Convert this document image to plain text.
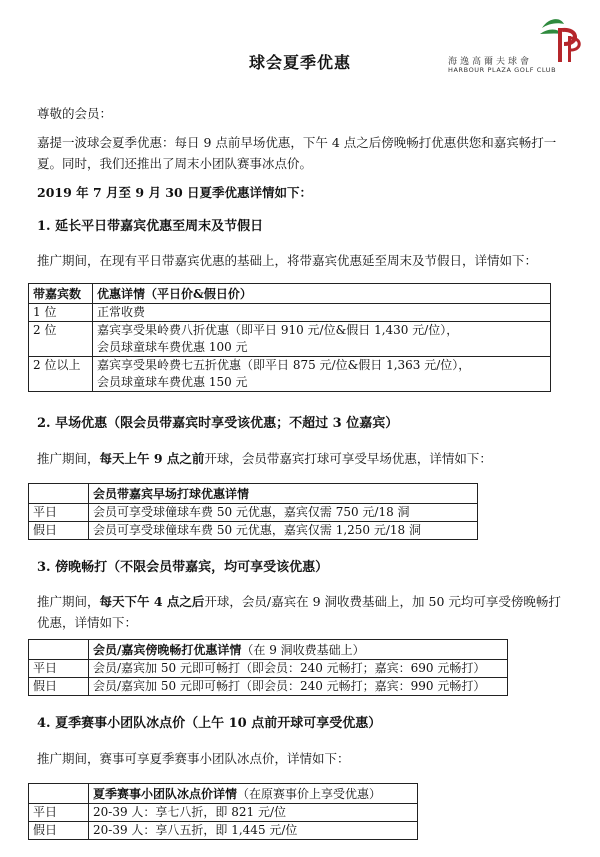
海逸高爾夫球會
HARBOUR PLAZA GOLF CLUB
球会夏季优惠
尊敬的会员：
嘉提一波球会夏季优惠：每日 9 点前早场优惠，下午 4 点之后傍晚畅打优惠供您和嘉宾畅打一夏。同时，我们还推出了周末小团队赛事冰点价。
2019 年 7 月至 9 月 30 日夏季优惠详情如下：
1. 延长平日带嘉宾优惠至周末及节假日
推广期间，在现有平日带嘉宾优惠的基础上，将带嘉宾优惠延至周末及节假日，详情如下：
带嘉宾数	优惠详情（平日价&假日价）
1 位	正常收费
2 位	嘉宾享受果岭费八折优惠（即平日 910 元/位&假日 1,430 元/位），
会员球童球车费优惠 100 元

2 位以上	嘉宾享受果岭费七五折优惠（即平日 875 元/位&假日 1,363 元/位），
会员球童球车费优惠 150 元
2. 早场优惠（限会员带嘉宾时享受该优惠；不超过 3 位嘉宾）
推广期间，每天上午 9 点之前开球，会员带嘉宾打球可享受早场优惠，详情如下：
	会员带嘉宾早场打球优惠详情
平日	会员可享受球僮球车费 50 元优惠，嘉宾仅需 750 元/18 洞
假日	会员可享受球僮球车费 50 元优惠，嘉宾仅需 1,250 元/18 洞
3. 傍晚畅打（不限会员带嘉宾，均可享受该优惠）
推广期间，每天下午 4 点之后开球，会员/嘉宾在 9 洞收费基础上，加 50 元均可享受傍晚畅打优惠，详情如下：
	会员/嘉宾傍晚畅打优惠详情（在 9 洞收费基础上）
平日	会员/嘉宾加 50 元即可畅打（即会员：240 元畅打；嘉宾：690 元畅打）
假日	会员/嘉宾加 50 元即可畅打（即会员：240 元畅打；嘉宾：990 元畅打）
4. 夏季赛事小团队冰点价（上午 10 点前开球可享受优惠）
推广期间，赛事可享夏季赛事小团队冰点价，详情如下：
	夏季赛事小团队冰点价详情（在原赛事价上享受优惠）
平日	20-39 人：享七八折，即 821 元/位
假日	20-39 人：享八五折，即 1,445 元/位
